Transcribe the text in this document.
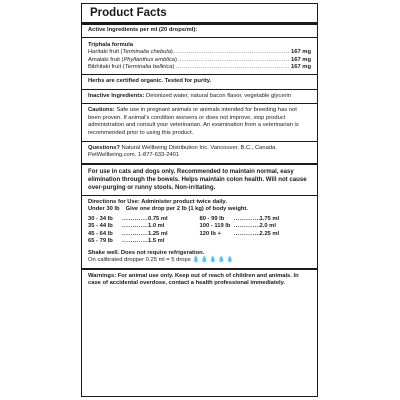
Product Facts
Active Ingredients per ml (20 drops/ml):
Triphala formula
Haritaki fruit (Terminalia chebula) .....	167 mg
Amalaki fruit (Phyllanthus emblica) .....	167 mg
Bibhitaki fruit (Terminalia bellirica) .....	167 mg
Herbs are certified organic. Tested for purity.
Inactive Ingredients: Deionized water, natural bacon flavor, vegetable glycerin
Cautions: Safe use in pregnant animals or animals intended for breeding has not been proven. If animal's condition worsens or does not improve, stop product administration and consult your veterinarian. An examination from a veterinarian is recommended prior to using this product.
Questions? Natural Wellbeing Distribution Inc. Vancouver, B.C., Canada.
PetWellbeing.com. 1-877-633-2401
For use in cats and dogs only. Recommended to maintain normal, easy elimination through the bowels. Helps maintain colon health. Will not cause over-purging or runny stools. Non-irritating.
Directions for Use: Administer product twice daily.
Under 30 lb Give one drop per 2 lb (1 kg) of body weight.
30 - 34 lb .....	0.75 ml
35 - 44 lb .....	1.0 ml
45 - 64 lb .....	1.25 ml
65 - 79 lb .....	1.5 ml
80 - 99 lb .....	1.75 ml
100 - 119 lb .....	2.0 ml
120 lb + .....	2.25 ml
Shake well. Does not require refrigeration.
On calibrated dropper 0.25 ml = 5 drops 💧💧💧💧💧
Warnings: For animal use only. Keep out of reach of children and animals. In case of accidental overdose, contact a health professional immediately.
